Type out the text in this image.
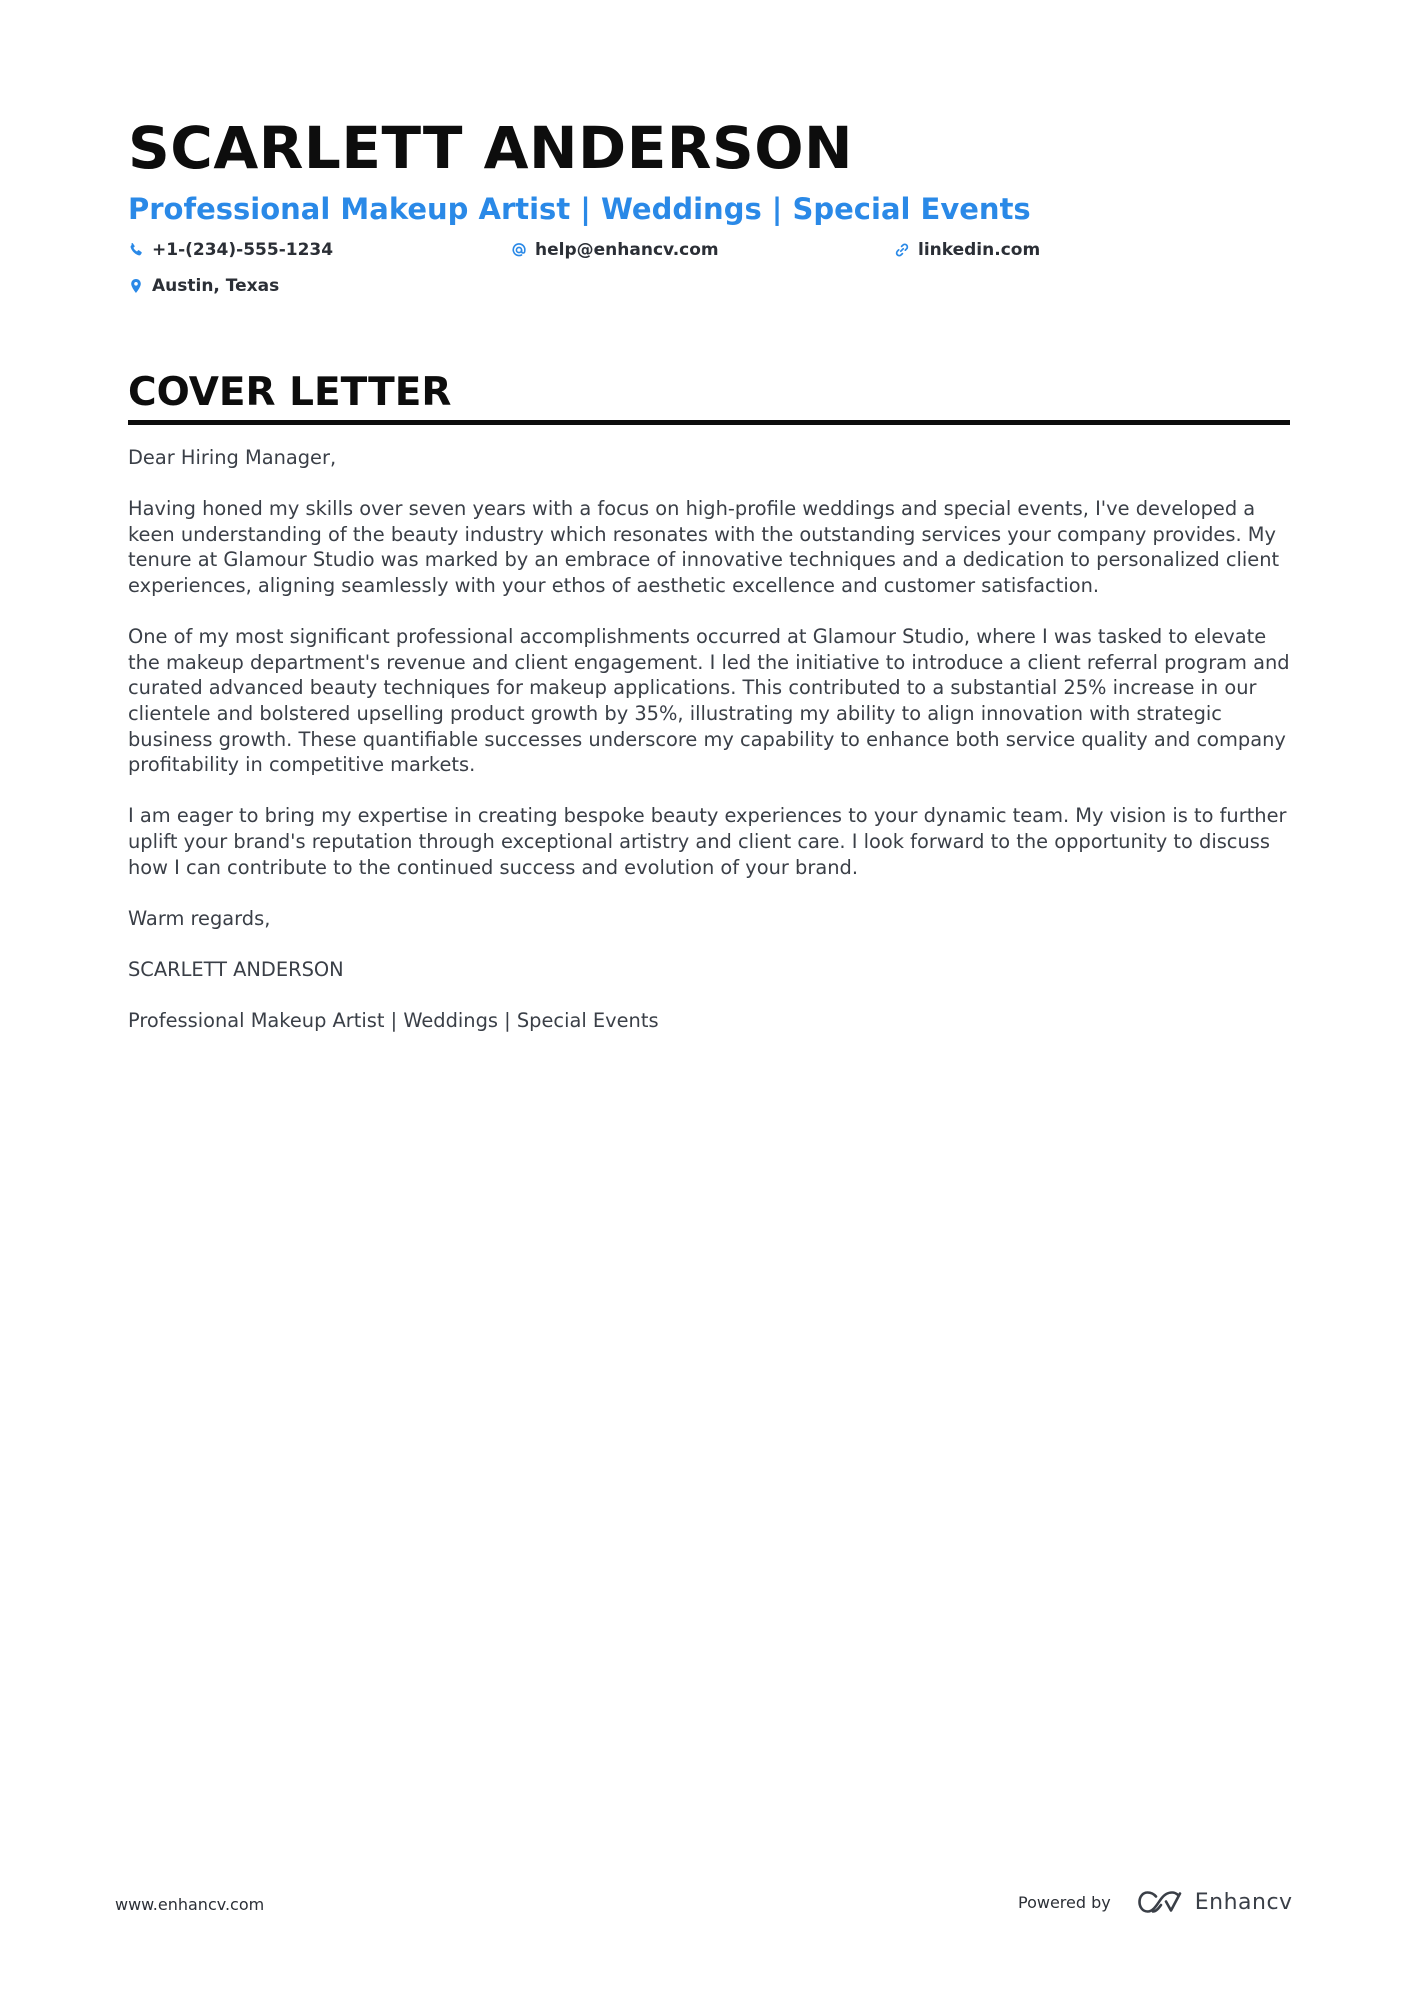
SCARLETT ANDERSON
Professional Makeup Artist | Weddings | Special Events
+1-(234)-555-1234	help@enhancv.com	linkedin.com
Austin, Texas
COVER LETTER

Dear Hiring Manager,

Having honed my skills over seven years with a focus on high-profile weddings and special events, I've developed a keen understanding of the beauty industry which resonates with the outstanding services your company provides. My tenure at Glamour Studio was marked by an embrace of innovative techniques and a dedication to personalized client experiences, aligning seamlessly with your ethos of aesthetic excellence and customer satisfaction.

One of my most significant professional accomplishments occurred at Glamour Studio, where I was tasked to elevate the makeup department's revenue and client engagement. I led the initiative to introduce a client referral program and curated advanced beauty techniques for makeup applications. This contributed to a substantial 25% increase in our clientele and bolstered upselling product growth by 35%, illustrating my ability to align innovation with strategic business growth. These quantifiable successes underscore my capability to enhance both service quality and company profitability in competitive markets.

I am eager to bring my expertise in creating bespoke beauty experiences to your dynamic team. My vision is to further uplift your brand's reputation through exceptional artistry and client care. I look forward to the opportunity to discuss how I can contribute to the continued success and evolution of your brand.

Warm regards,

SCARLETT ANDERSON

Professional Makeup Artist | Weddings | Special Events

www.enhancv.com	Powered by	Enhancv
